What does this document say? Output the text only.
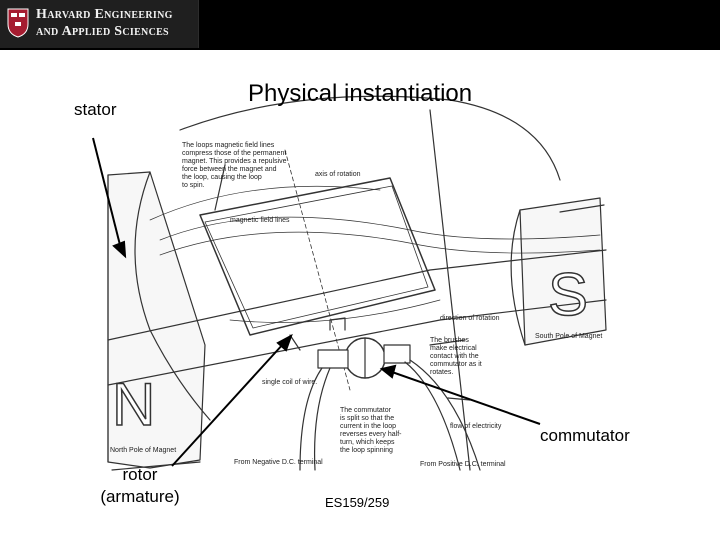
Harvard Engineering
and Applied Sciences
N
S
The loops magnetic field lines compress those of the permanent magnet. This provides a repulsive force between the magnet and the loop, causing the loop to spin.
axis of rotation
magnetic field lines
direction of rotation
The brushes make electrical contact with the commutator as it rotates.
single coil of wire.
The commutator is split so that the current in the loop reverses every half- turn, which keeps the loop spinning
flow of electricity
North Pole of Magnet
South Pole of Magnet
From Negative D.C. terminal	From Positive D.C. terminal
Physical instantiation
stator
commutator
rotor
(armature)	ES159/259
